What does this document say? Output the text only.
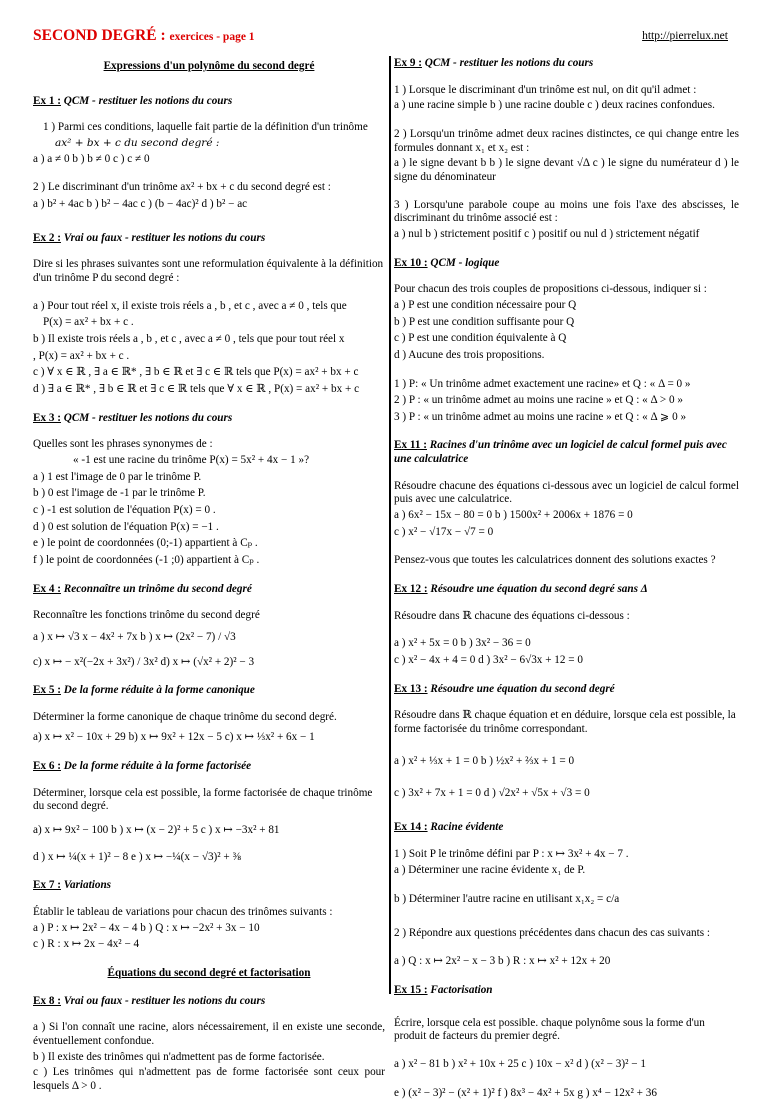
SECOND DEGRÉ : exercices - page 1	http://pierrelux.net
Expressions d'un polynôme du second degré
Ex 1 : QCM - restituer les notions du cours

1 ) Parmi ces conditions, laquelle fait partie de la définition d'un trinôme

ax² + bx + c du second degré :

a ) a ≠ 0 b ) b ≠ 0 c ) c ≠ 0

2 ) Le discriminant d'un trinôme ax² + bx + c du second degré est :

a ) b² + 4ac b ) b² − 4ac c ) (b − 4ac)² d ) b² − ac

Ex 2 : Vrai ou faux - restituer les notions du cours

Dire si les phrases suivantes sont une reformulation équivalente à la définition d'un trinôme P du second degré :

a ) Pour tout réel x, il existe trois réels a , b , et c , avec a ≠ 0 , tels que

P(x) = ax² + bx + c .

b ) Il existe trois réels a , b , et c , avec a ≠ 0 , tels que pour tout réel x

, P(x) = ax² + bx + c .

c ) ∀ x ∈ ℝ , ∃ a ∈ ℝ* , ∃ b ∈ ℝ et ∃ c ∈ ℝ tels que P(x) = ax² + bx + c

d ) ∃ a ∈ ℝ* , ∃ b ∈ ℝ et ∃ c ∈ ℝ tels que ∀ x ∈ ℝ , P(x) = ax² + bx + c

Ex 3 : QCM - restituer les notions du cours

Quelles sont les phrases synonymes de :

« -1 est une racine du trinôme P(x) = 5x² + 4x − 1 »?

a ) 1 est l'image de 0 par le trinôme P.

b ) 0 est l'image de -1 par le trinôme P.

c ) -1 est solution de l'équation P(x) = 0 .

d ) 0 est solution de l'équation P(x) = −1 .

e ) le point de coordonnées (0;-1) appartient à Cₚ .

f ) le point de coordonnées (-1 ;0) appartient à Cₚ .

Ex 4 : Reconnaître un trinôme du second degré

Reconnaître les fonctions trinôme du second degré

a ) x ↦ √3 x − 4x² + 7x b ) x ↦ (2x² − 7) / √3

c) x ↦ − x²(−2x + 3x²) / 3x² d) x ↦ (√x² + 2)² − 3

Ex 5 : De la forme réduite à la forme canonique

Déterminer la forme canonique de chaque trinôme du second degré.

a) x ↦ x² − 10x + 29 b) x ↦ 9x² + 12x − 5 c) x ↦ ⅓x² + 6x − 1

Ex 6 : De la forme réduite à la forme factorisée

Déterminer, lorsque cela est possible, la forme factorisée de chaque trinôme du second degré.

a) x ↦ 9x² − 100 b ) x ↦ (x − 2)² + 5 c ) x ↦ −3x² + 81

d ) x ↦ ¼(x + 1)² − 8 e ) x ↦ −¼(x − √3)² + ⅜

Ex 7 : Variations

Établir le tableau de variations pour chacun des trinômes suivants :

a ) P : x ↦ 2x² − 4x − 4 b ) Q : x ↦ −2x² + 3x − 10

c ) R : x ↦ 2x − 4x² − 4

Équations du second degré et factorisation
Ex 8 : Vrai ou faux - restituer les notions du cours

a ) Si l'on connaît une racine, alors nécessairement, il en existe une seconde, éventuellement confondue.

b ) Il existe des trinômes qui n'admettent pas de forme factorisée.

c ) Les trinômes qui n'admettent pas de forme factorisée sont ceux pour lesquels Δ > 0 .

Ex 9 : QCM - restituer les notions du cours

1 ) Lorsque le discriminant d'un trinôme est nul, on dit qu'il admet :

a ) une racine simple b ) une racine double c ) deux racines confondues.

2 ) Lorsqu'un trinôme admet deux racines distinctes, ce qui change entre les formules donnant x₁ et x₂ est :

a ) le signe devant b b ) le signe devant √Δ c ) le signe du numérateur d ) le signe du dénominateur

3 ) Lorsqu'une parabole coupe au moins une fois l'axe des abscisses, le discriminant du trinôme associé est :

a ) nul b ) strictement positif c ) positif ou nul d ) strictement négatif

Ex 10 : QCM - logique

Pour chacun des trois couples de propositions ci-dessous, indiquer si :

a ) P est une condition nécessaire pour Q

b ) P est une condition suffisante pour Q

c ) P est une condition équivalente à Q

d ) Aucune des trois propositions.

1 ) P: « Un trinôme admet exactement une racine» et Q : « Δ = 0 »

2 ) P : « un trinôme admet au moins une racine » et Q : « Δ > 0 »

3 ) P : « un trinôme admet au moins une racine » et Q : « Δ ⩾ 0 »

Ex 11 : Racines d'un trinôme avec un logiciel de calcul formel puis avec une calculatrice

Résoudre chacune des équations ci-dessous avec un logiciel de calcul formel puis avec une calculatrice.

a ) 6x² − 15x − 80 = 0 b ) 1500x² + 2006x + 1876 = 0

c ) x² − √17x − √7 = 0

Pensez-vous que toutes les calculatrices donnent des solutions exactes ?

Ex 12 : Résoudre une équation du second degré sans Δ

Résoudre dans ℝ chacune des équations ci-dessous :

a ) x² + 5x = 0 b ) 3x² − 36 = 0

c ) x² − 4x + 4 = 0 d ) 3x² − 6√3x + 12 = 0

Ex 13 : Résoudre une équation du second degré

Résoudre dans ℝ chaque équation et en déduire, lorsque cela est possible, la forme factorisée du trinôme correspondant.

a ) x² + ⅓x + 1 = 0 b ) ½x² + ⅔x + 1 = 0

c ) 3x² + 7x + 1 = 0 d ) √2x² + √5x + √3 = 0

Ex 14 : Racine évidente

1 ) Soit P le trinôme défini par P : x ↦ 3x² + 4x − 7 .

a ) Déterminer une racine évidente x₁ de P.

b ) Déterminer l'autre racine en utilisant x₁x₂ = c/a

2 ) Répondre aux questions précédentes dans chacun des cas suivants :

a ) Q : x ↦ 2x² − x − 3 b ) R : x ↦ x² + 12x + 20

Ex 15 : Factorisation

Écrire, lorsque cela est possible. chaque polynôme sous la forme d'un produit de facteurs du premier degré.

a ) x² − 81 b ) x² + 10x + 25 c ) 10x − x² d ) (x² − 3)² − 1

e ) (x² − 3)² − (x² + 1)² f ) 8x³ − 4x² + 5x g ) x⁴ − 12x² + 36
